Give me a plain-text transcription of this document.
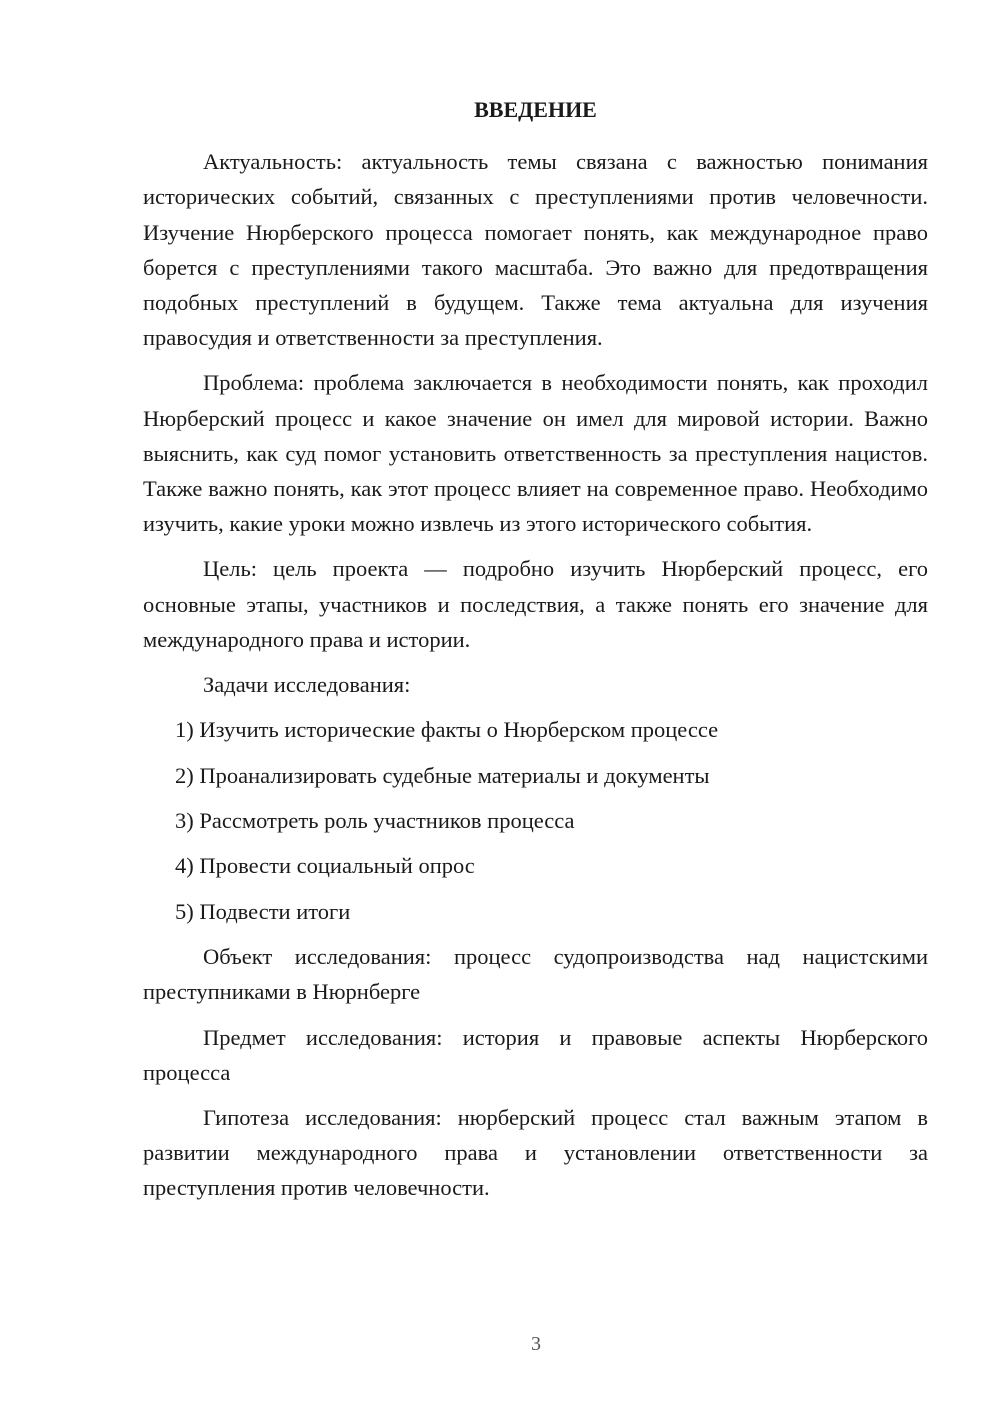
ВВЕДЕНИЕ

Актуальность: актуальность темы связана с важностью понимания исторических событий, связанных с преступлениями против человечности. Изучение Нюрберского процесса помогает понять, как международное право борется с преступлениями такого масштаба. Это важно для предотвращения подобных преступлений в будущем. Также тема актуальна для изучения правосудия и ответственности за преступления.

Проблема: проблема заключается в необходимости понять, как проходил Нюрберский процесс и какое значение он имел для мировой истории. Важно выяснить, как суд помог установить ответственность за преступления нацистов. Также важно понять, как этот процесс влияет на современное право. Необходимо изучить, какие уроки можно извлечь из этого исторического события.

Цель: цель проекта — подробно изучить Нюрберский процесс, его основные этапы, участников и последствия, а также понять его значение для международного права и истории.

Задачи исследования:

1) Изучить исторические факты о Нюрберском процессе
2) Проанализировать судебные материалы и документы
3) Рассмотреть роль участников процесса
4) Провести социальный опрос
5) Подвести итоги

Объект исследования: процесс судопроизводства над нацистскими преступниками в Нюрнберге

Предмет исследования: история и правовые аспекты Нюрберского процесса

Гипотеза исследования: нюрберский процесс стал важным этапом в развитии международного права и установлении ответственности за преступления против человечности.

3
